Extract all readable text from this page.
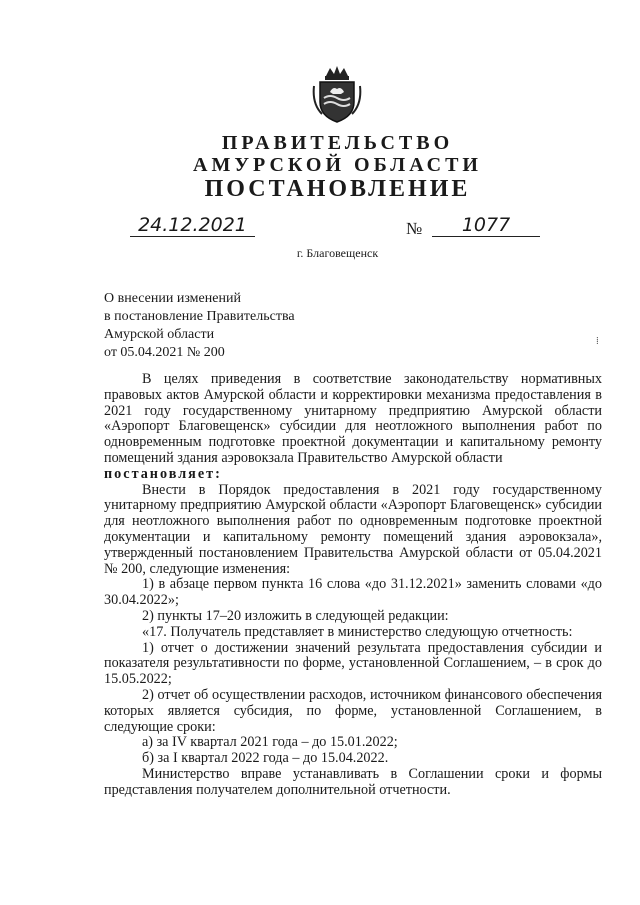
ПРАВИТЕЛЬСТВО
АМУРСКОЙ ОБЛАСТИ
ПОСТАНОВЛЕНИЕ
24.12.2021	№	1077
г. Благовещенск
О внесении изменений
в постановление Правительства
Амурской области
от 05.04.2021 № 200
⁞

В целях приведения в соответствие законодательству нормативных правовых актов Амурской области и корректировки механизма предоставления в 2021 году государственному унитарному предприятию Амурской области «Аэропорт Благовещенск» субсидии для неотложного выполнения работ по одновременным подготовке проектной документации и капитальному ремонту помещений здания аэровокзала Правительство Амурской области

постановляет:

Внести в Порядок предоставления в 2021 году государственному унитарному предприятию Амурской области «Аэропорт Благовещенск» субсидии для неотложного выполнения работ по одновременным подготовке проектной документации и капитальному ремонту помещений здания аэровокзала», утвержденный постановлением Правительства Амурской области от 05.04.2021 № 200, следующие изменения:

1) в абзаце первом пункта 16 слова «до 31.12.2021» заменить словами «до 30.04.2022»;

2) пункты 17–20 изложить в следующей редакции:

«17. Получатель представляет в министерство следующую отчетность:

1) отчет о достижении значений результата предоставления субсидии и показателя результативности по форме, установленной Соглашением, – в срок до 15.05.2022;

2) отчет об осуществлении расходов, источником финансового обеспечения которых является субсидия, по форме, установленной Соглашением, в следующие сроки:

а) за IV квартал 2021 года – до 15.01.2022;

б) за I квартал 2022 года – до 15.04.2022.

Министерство вправе устанавливать в Соглашении сроки и формы представления получателем дополнительной отчетности.
